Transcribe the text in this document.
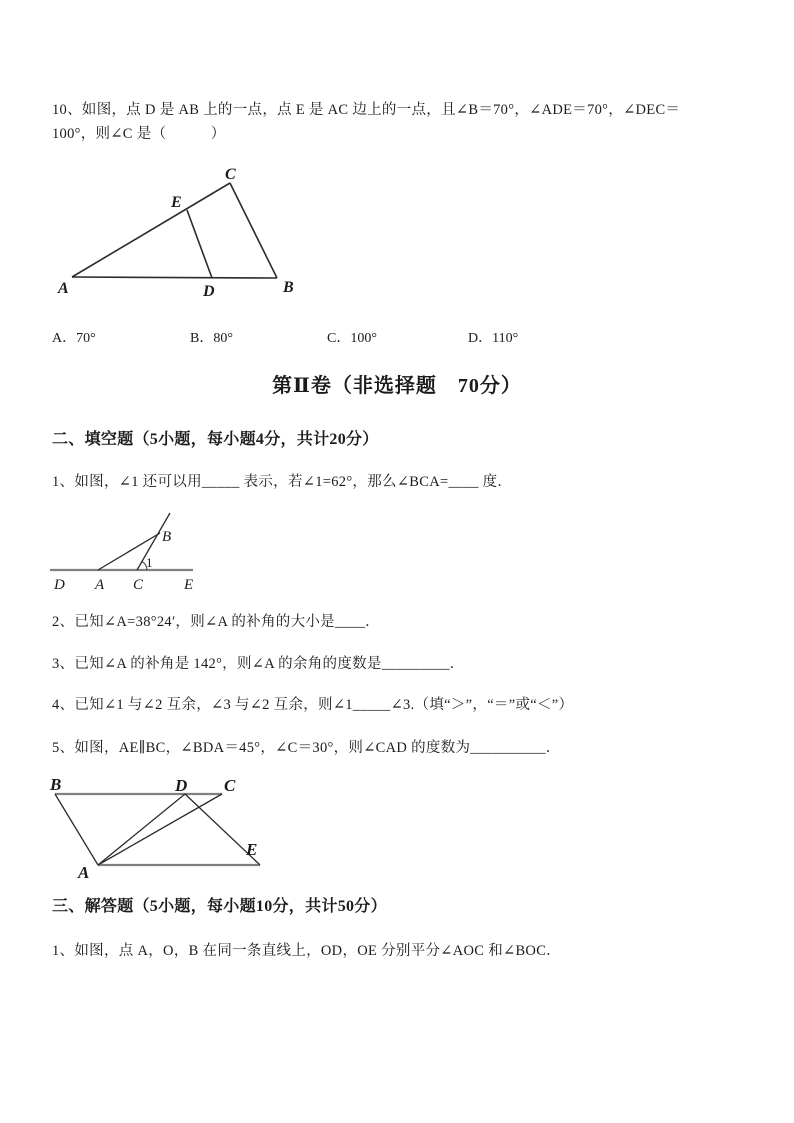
10、如图，点 D 是 AB 上的一点，点 E 是 AC 边上的一点，且∠B＝70°，∠ADE＝70°，∠DEC＝
100°，则∠C 是（　　　）
A	B
C
D
E
A．70°	B．80°	C．100°	D．110°
第Ⅱ卷（非选择题　70分）
二、填空题（5小题，每小题4分，共计20分）
1、如图，∠1 还可以用_____ 表示，若∠1=62°，那么∠BCA=____ 度．
D A C	E
B
1
2、已知∠A=38°24′，则∠A 的补角的大小是____．
3、已知∠A 的补角是 142°，则∠A 的余角的度数是_________．
4、已知∠1 与∠2 互余，∠3 与∠2 互余，则∠1_____∠3.（填“＞”，“＝”或“＜”）
5、如图，AE∥BC，∠BDA＝45°，∠C＝30°，则∠CAD 的度数为__________．
B	D C
E
A
三、解答题（5小题，每小题10分，共计50分）
1、如图，点 A，O，B 在同一条直线上，OD，OE 分别平分∠AOC 和∠BOC．
